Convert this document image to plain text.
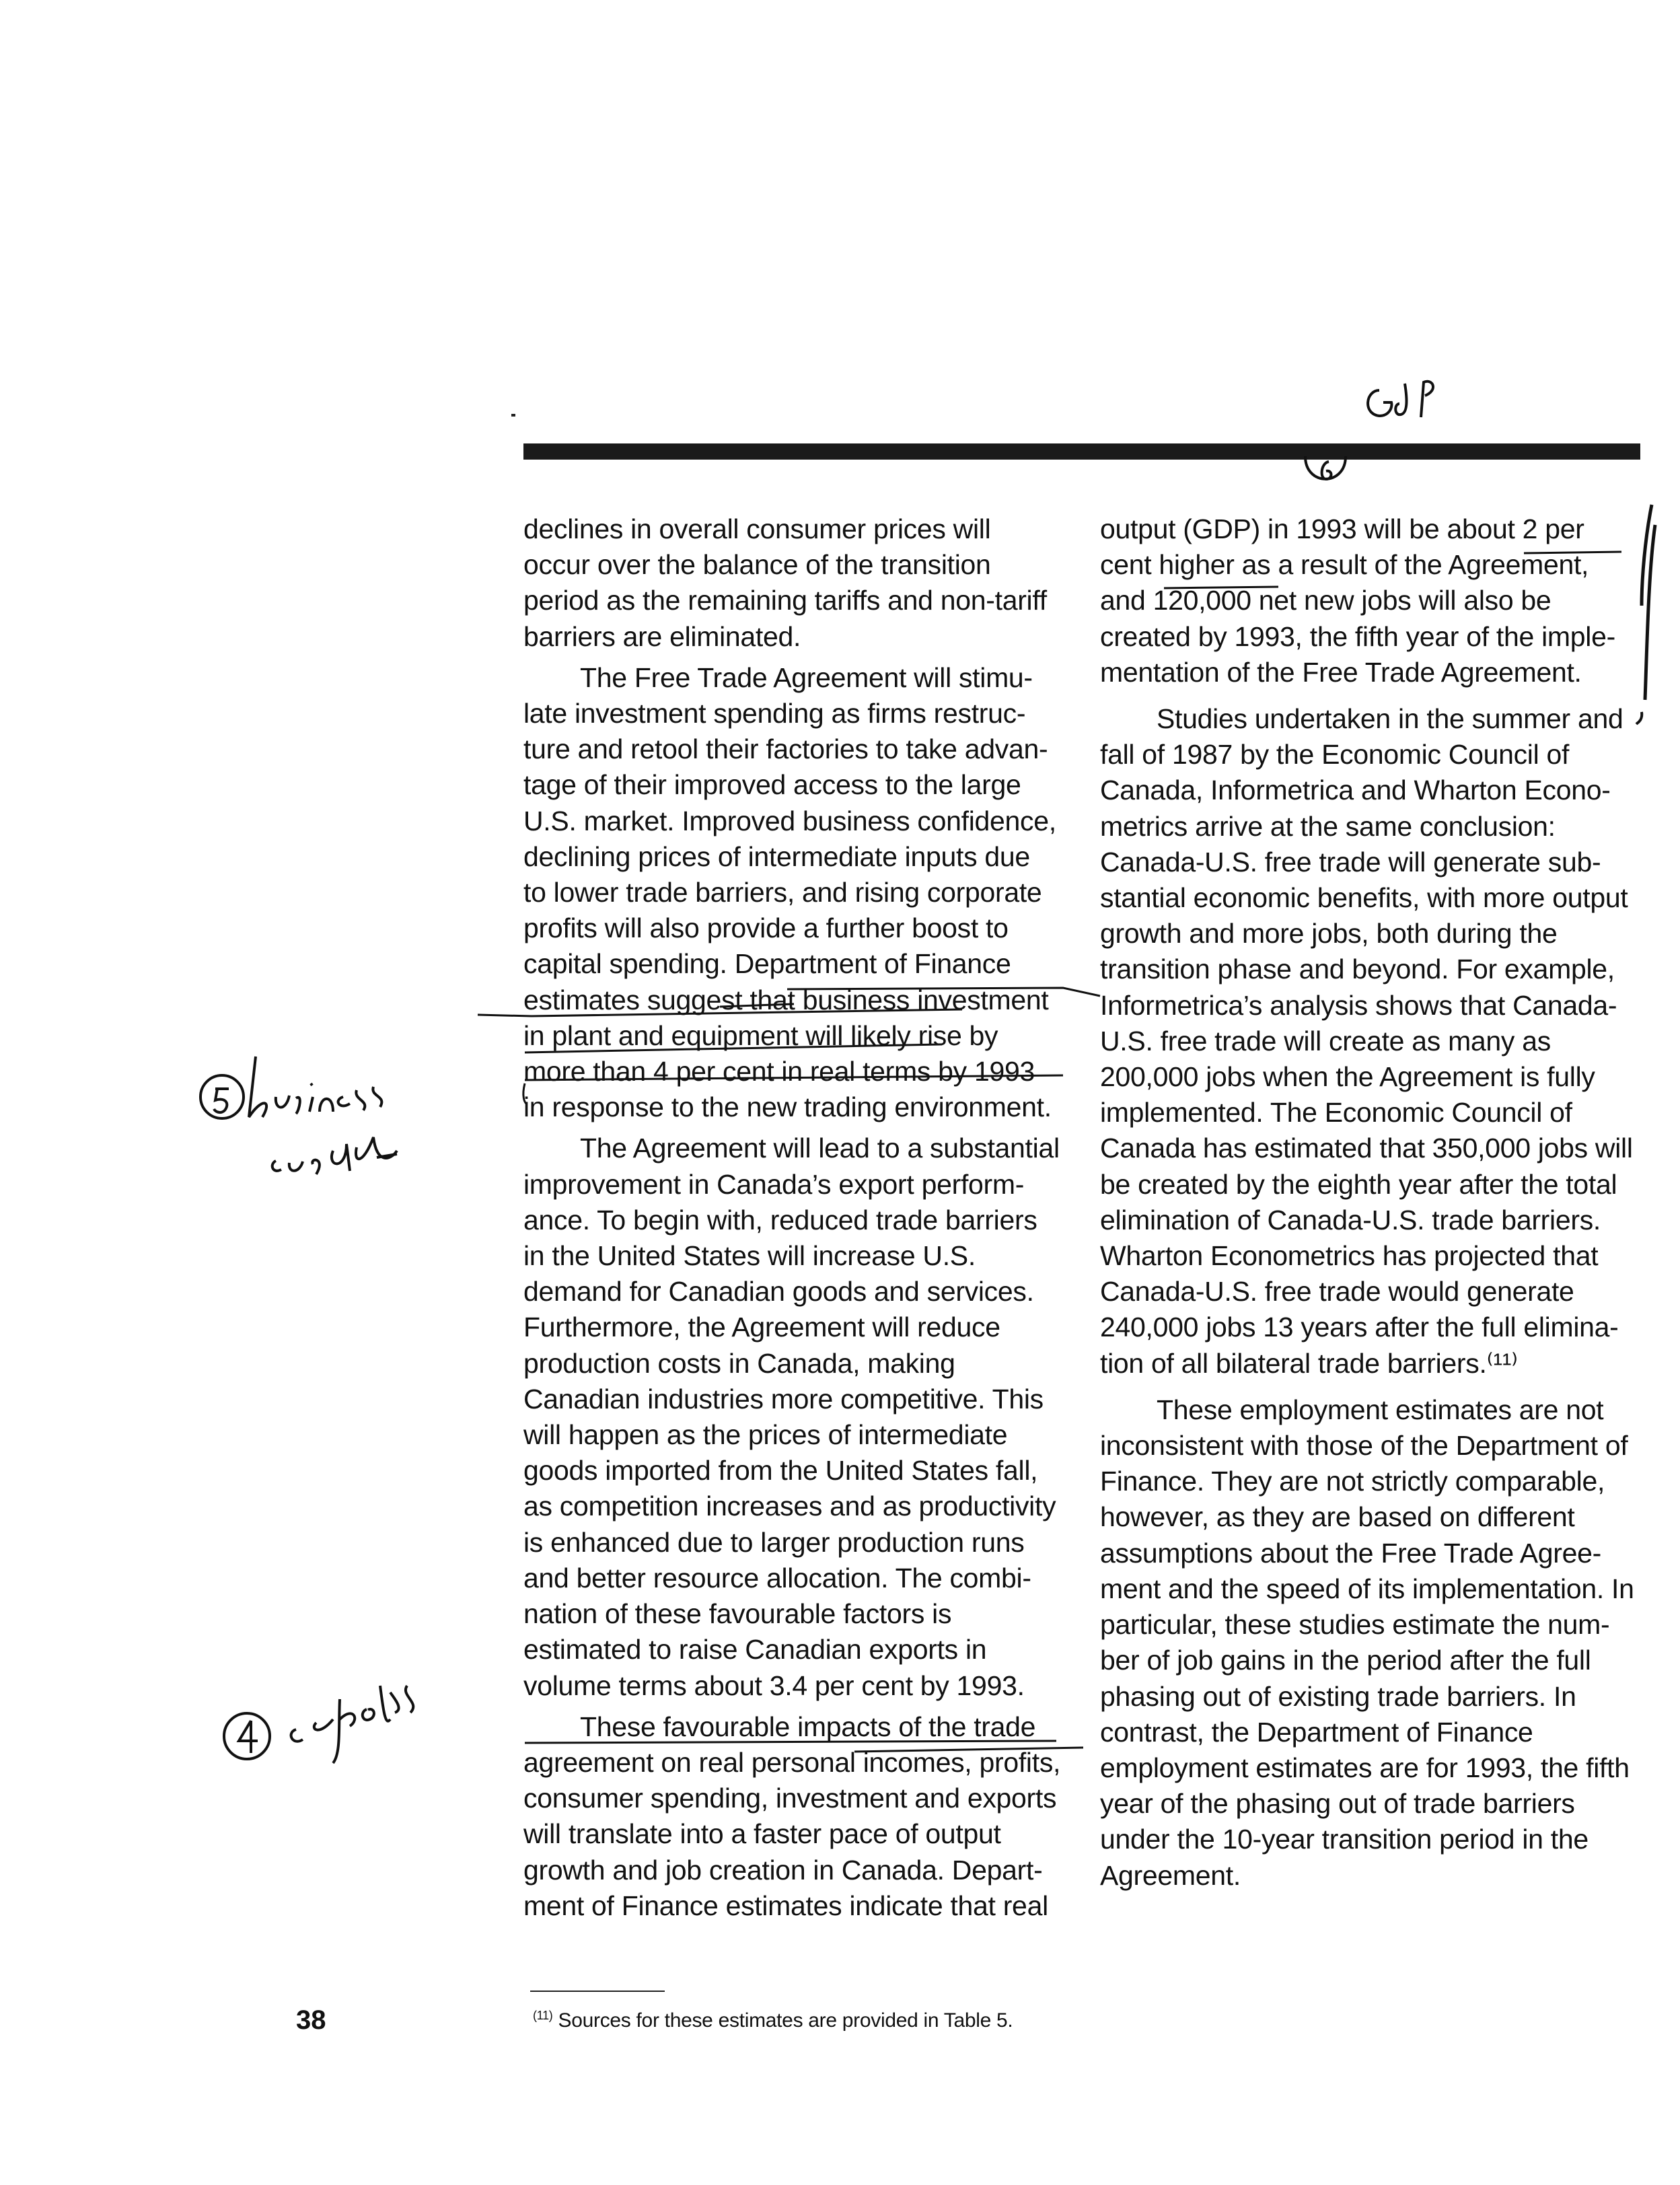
declines in overall consumer prices will
occur over the balance of the transition
period as the remaining tariffs and non-tariff
barriers are eliminated.

The Free Trade Agreement will stimu-
late investment spending as firms restruc-
ture and retool their factories to take advan-
tage of their improved access to the large
U.S. market. Improved business confidence,
declining prices of intermediate inputs due
to lower trade barriers, and rising corporate
profits will also provide a further boost to
capital spending. Department of Finance
estimates suggest that business investment
in plant and equipment will likely rise by
more than 4 per cent in real terms by 1993
in response to the new trading environment.

The Agreement will lead to a substantial
improvement in Canada’s export perform-
ance. To begin with, reduced trade barriers
in the United States will increase U.S.
demand for Canadian goods and services.
Furthermore, the Agreement will reduce
production costs in Canada, making
Canadian industries more competitive. This
will happen as the prices of intermediate
goods imported from the United States fall,
as competition increases and as productivity
is enhanced due to larger production runs
and better resource allocation. The combi-
nation of these favourable factors is
estimated to raise Canadian exports in
volume terms about 3.4 per cent by 1993.

These favourable impacts of the trade
agreement on real personal incomes, profits,
consumer spending, investment and exports
will translate into a faster pace of output
growth and job creation in Canada. Depart-
ment of Finance estimates indicate that real

output (GDP) in 1993 will be about 2 per
cent higher as a result of the Agreement,
and 120,000 net new jobs will also be
created by 1993, the fifth year of the imple-
mentation of the Free Trade Agreement.

Studies undertaken in the summer and
fall of 1987 by the Economic Council of
Canada, Informetrica and Wharton Econo-
metrics arrive at the same conclusion:
Canada-U.S. free trade will generate sub-
stantial economic benefits, with more output
growth and more jobs, both during the
transition phase and beyond. For example,
Informetrica’s analysis shows that Canada-
U.S. free trade will create as many as
200,000 jobs when the Agreement is fully
implemented. The Economic Council of
Canada has estimated that 350,000 jobs will
be created by the eighth year after the total
elimination of Canada-U.S. trade barriers.
Wharton Econometrics has projected that
Canada-U.S. free trade would generate
240,000 jobs 13 years after the full elimina-
tion of all bilateral trade barriers.⁽¹¹⁾

These employment estimates are not
inconsistent with those of the Department of
Finance. They are not strictly comparable,
however, as they are based on different
assumptions about the Free Trade Agree-
ment and the speed of its implementation. In
particular, these studies estimate the num-
ber of job gains in the period after the full
phasing out of existing trade barriers. In
contrast, the Department of Finance
employment estimates are for 1993, the fifth
year of the phasing out of trade barriers
under the 10-year transition period in the
Agreement.

38	$^{(11)}$ Sources for these estimates are provided in Table 5.
